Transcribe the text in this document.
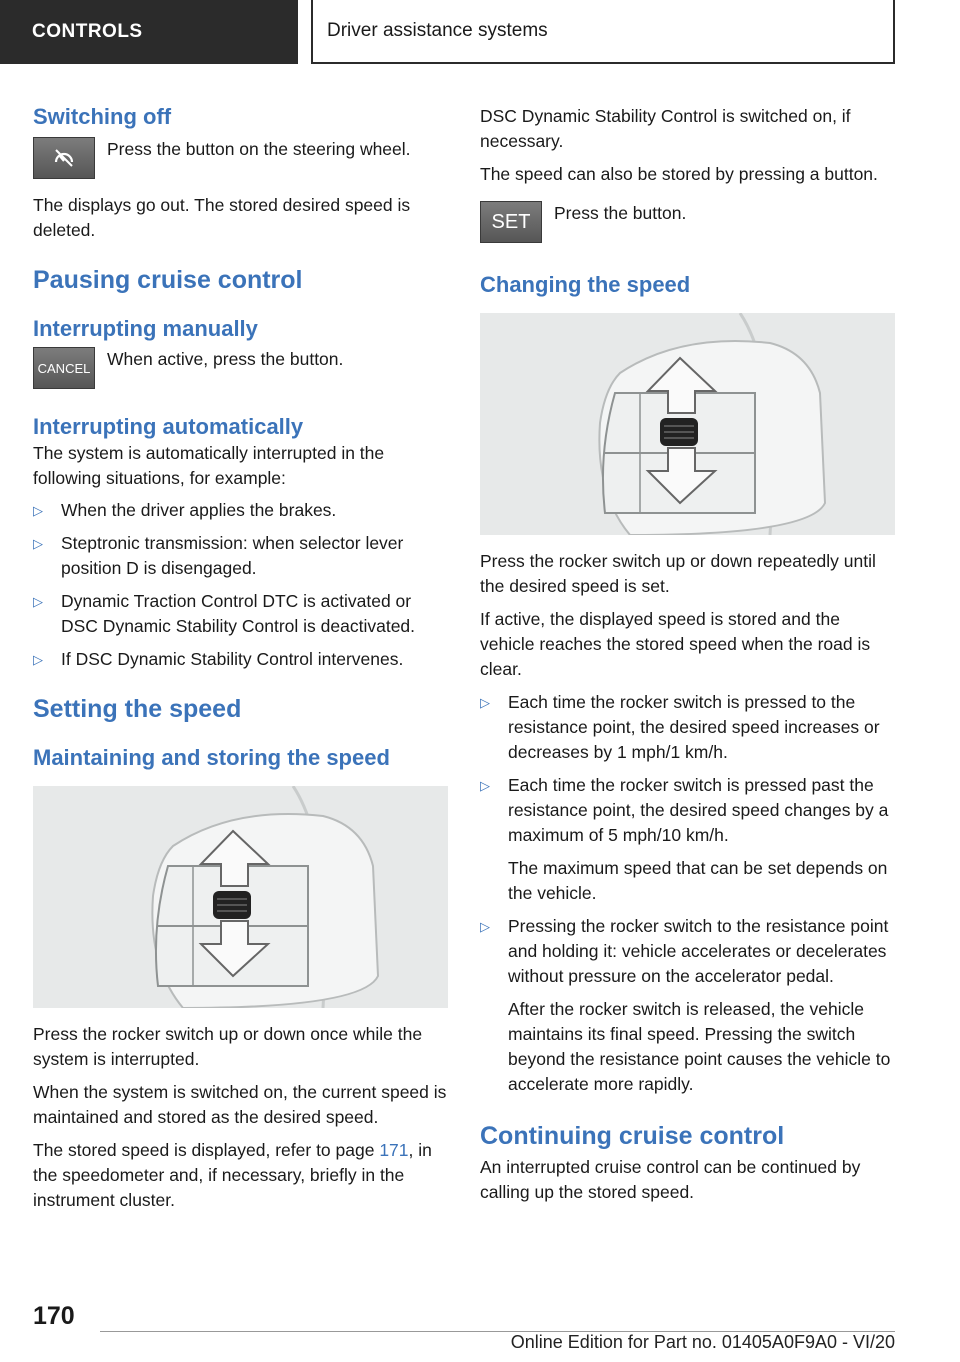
CONTROLS	Driver assistance systems
Switching off

Press the button on the steering wheel.

The displays go out. The stored desired speed is deleted.

Pausing cruise control
Interrupting manually
CANCEL When active, press the button.

Interrupting automatically

The system is automatically interrupted in the following situations, for example:

▷ When the driver applies the brakes.
▷ Steptronic transmission: when selector lever position D is disengaged.
▷ Dynamic Traction Control DTC is activated or DSC Dynamic Stability Control is deactivated.
▷ If DSC Dynamic Stability Control intervenes.
Setting the speed
Maintaining and storing the speed

Press the rocker switch up or down once while the system is interrupted.

When the system is switched on, the current speed is maintained and stored as the desired speed.

The stored speed is displayed, refer to page 171, in the speedometer and, if necessary, briefly in the instrument cluster.

DSC Dynamic Stability Control is switched on, if necessary.

The speed can also be stored by pressing a button.

SET Press the button.

Changing the speed

Press the rocker switch up or down repeatedly until the desired speed is set.

If active, the displayed speed is stored and the vehicle reaches the stored speed when the road is clear.

▷ Each time the rocker switch is pressed to the resistance point, the desired speed increases or decreases by 1 mph/1 km/h.
▷ Each time the rocker switch is pressed past the resistance point, the desired speed changes by a maximum of 5 mph/10 km/h.
The maximum speed that can be set depends on the vehicle.
▷ Pressing the rocker switch to the resistance point and holding it: vehicle accelerates or decelerates without pressure on the accelerator pedal.
After the rocker switch is released, the vehicle maintains its final speed. Pressing the switch beyond the resistance point causes the vehicle to accelerate more rapidly.
Continuing cruise control

An interrupted cruise control can be continued by calling up the stored speed.

170
Online Edition for Part no. 01405A0F9A0 - VI/20
